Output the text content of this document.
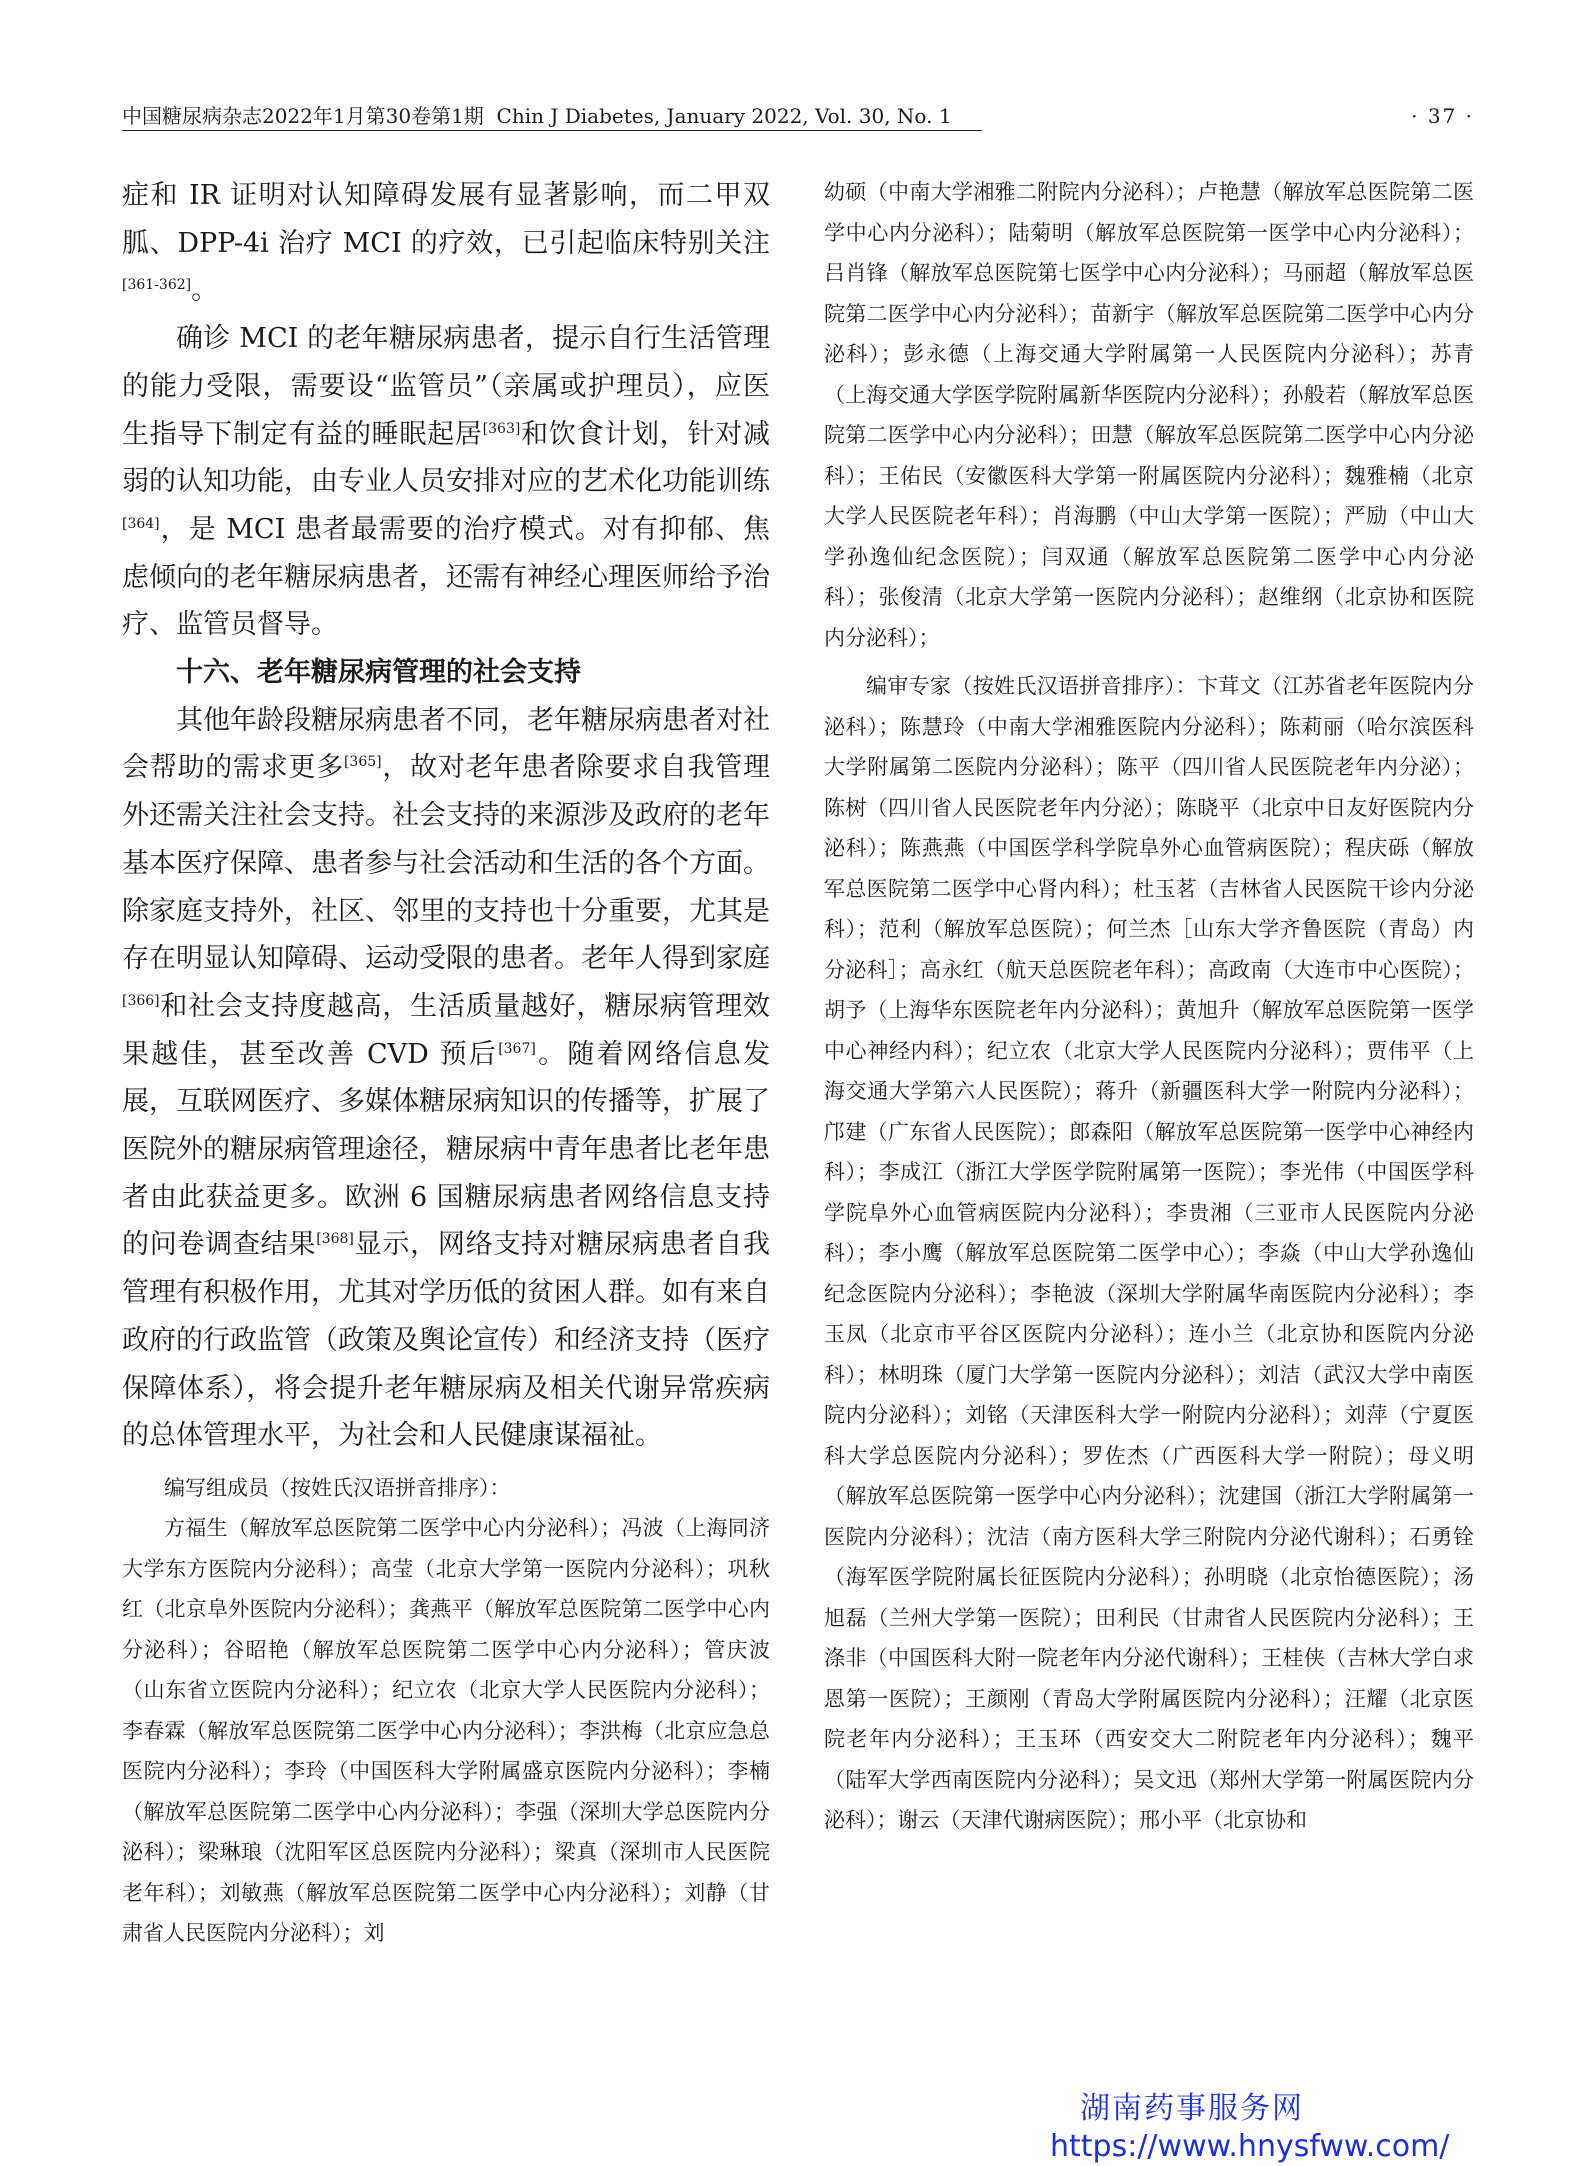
中国糖尿病杂志2022年1月第30卷第1期 Chin J Diabetes, January 2022, Vol. 30, No. 1	· 37 ·

症和 IR 证明对认知障碍发展有显著影响，而二甲双胍、DPP-4i 治疗 MCI 的疗效，已引起临床特别关注[361-362]。

确诊 MCI 的老年糖尿病患者，提示自行生活管理的能力受限，需要设“监管员”（亲属或护理员），应医生指导下制定有益的睡眠起居[363]和饮食计划，针对减弱的认知功能，由专业人员安排对应的艺术化功能训练[364]，是 MCI 患者最需要的治疗模式。对有抑郁、焦虑倾向的老年糖尿病患者，还需有神经心理医师给予治疗、监管员督导。

十六、老年糖尿病管理的社会支持

其他年龄段糖尿病患者不同，老年糖尿病患者对社会帮助的需求更多[365]，故对老年患者除要求自我管理外还需关注社会支持。社会支持的来源涉及政府的老年基本医疗保障、患者参与社会活动和生活的各个方面。除家庭支持外，社区、邻里的支持也十分重要，尤其是存在明显认知障碍、运动受限的患者。老年人得到家庭[366]和社会支持度越高，生活质量越好，糖尿病管理效果越佳，甚至改善 CVD 预后[367]。随着网络信息发展，互联网医疗、多媒体糖尿病知识的传播等，扩展了医院外的糖尿病管理途径，糖尿病中青年患者比老年患者由此获益更多。欧洲 6 国糖尿病患者网络信息支持的问卷调查结果[368]显示，网络支持对糖尿病患者自我管理有积极作用，尤其对学历低的贫困人群。如有来自政府的行政监管（政策及舆论宣传）和经济支持（医疗保障体系），将会提升老年糖尿病及相关代谢异常疾病的总体管理水平，为社会和人民健康谋福祉。

编写组成员（按姓氏汉语拼音排序）：

方福生（解放军总医院第二医学中心内分泌科）；冯波（上海同济大学东方医院内分泌科）；高莹（北京大学第一医院内分泌科）；巩秋红（北京阜外医院内分泌科）；龚燕平（解放军总医院第二医学中心内分泌科）；谷昭艳（解放军总医院第二医学中心内分泌科）；管庆波（山东省立医院内分泌科）；纪立农（北京大学人民医院内分泌科）；李春霖（解放军总医院第二医学中心内分泌科）；李洪梅（北京应急总医院内分泌科）；李玲（中国医科大学附属盛京医院内分泌科）；李楠（解放军总医院第二医学中心内分泌科）；李强（深圳大学总医院内分泌科）；梁琳琅（沈阳军区总医院内分泌科）；梁真（深圳市人民医院老年科）；刘敏燕（解放军总医院第二医学中心内分泌科）；刘静（甘肃省人民医院内分泌科）；刘

幼硕（中南大学湘雅二附院内分泌科）；卢艳慧（解放军总医院第二医学中心内分泌科）；陆菊明（解放军总医院第一医学中心内分泌科）；吕肖锋（解放军总医院第七医学中心内分泌科）；马丽超（解放军总医院第二医学中心内分泌科）；苗新宇（解放军总医院第二医学中心内分泌科）；彭永德（上海交通大学附属第一人民医院内分泌科）；苏青（上海交通大学医学院附属新华医院内分泌科）；孙般若（解放军总医院第二医学中心内分泌科）；田慧（解放军总医院第二医学中心内分泌科）；王佑民（安徽医科大学第一附属医院内分泌科）；魏雅楠（北京大学人民医院老年科）；肖海鹏（中山大学第一医院）；严励（中山大学孙逸仙纪念医院）；闫双通（解放军总医院第二医学中心内分泌科）；张俊清（北京大学第一医院内分泌科）；赵维纲（北京协和医院内分泌科）；

编审专家（按姓氏汉语拼音排序）：卞茸文（江苏省老年医院内分泌科）；陈慧玲（中南大学湘雅医院内分泌科）；陈莉丽（哈尔滨医科大学附属第二医院内分泌科）；陈平（四川省人民医院老年内分泌）；陈树（四川省人民医院老年内分泌）；陈晓平（北京中日友好医院内分泌科）；陈燕燕（中国医学科学院阜外心血管病医院）；程庆砾（解放军总医院第二医学中心肾内科）；杜玉茗（吉林省人民医院干诊内分泌科）；范利（解放军总医院）；何兰杰［山东大学齐鲁医院（青岛）内分泌科］；高永红（航天总医院老年科）；高政南（大连市中心医院）；胡予（上海华东医院老年内分泌科）；黄旭升（解放军总医院第一医学中心神经内科）；纪立农（北京大学人民医院内分泌科）；贾伟平（上海交通大学第六人民医院）；蒋升（新疆医科大学一附院内分泌科）；邝建（广东省人民医院）；郎森阳（解放军总医院第一医学中心神经内科）；李成江（浙江大学医学院附属第一医院）；李光伟（中国医学科学院阜外心血管病医院内分泌科）；李贵湘（三亚市人民医院内分泌科）；李小鹰（解放军总医院第二医学中心）；李焱（中山大学孙逸仙纪念医院内分泌科）；李艳波（深圳大学附属华南医院内分泌科）；李玉凤（北京市平谷区医院内分泌科）；连小兰（北京协和医院内分泌科）；林明珠（厦门大学第一医院内分泌科）；刘洁（武汉大学中南医院内分泌科）；刘铭（天津医科大学一附院内分泌科）；刘萍（宁夏医科大学总医院内分泌科）；罗佐杰（广西医科大学一附院）；母义明（解放军总医院第一医学中心内分泌科）；沈建国（浙江大学附属第一医院内分泌科）；沈洁（南方医科大学三附院内分泌代谢科）；石勇铨（海军医学院附属长征医院内分泌科）；孙明晓（北京怡德医院）；汤旭磊（兰州大学第一医院）；田利民（甘肃省人民医院内分泌科）；王涤非（中国医科大附一院老年内分泌代谢科）；王桂侠（吉林大学白求恩第一医院）；王颜刚（青岛大学附属医院内分泌科）；汪耀（北京医院老年内分泌科）；王玉环（西安交大二附院老年内分泌科）；魏平（陆军大学西南医院内分泌科）；吴文迅（郑州大学第一附属医院内分泌科）；谢云（天津代谢病医院）；邢小平（北京协和

湖南药事服务网
https://www.hnysfww.com/
